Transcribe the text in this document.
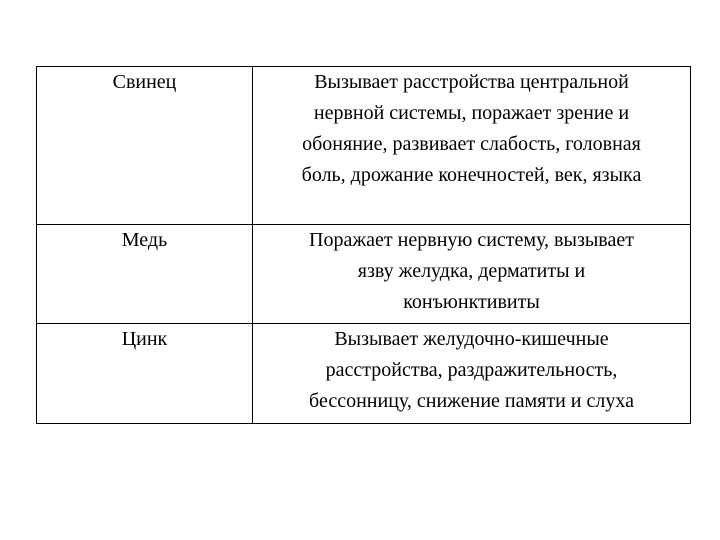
Свинец	Вызывает расстройства центральной
нервной системы, поражает зрение и
обоняние, развивает слабость, головная
боль, дрожание конечностей, век, языка

Медь	Поражает нервную систему, вызывает
язву желудка, дерматиты и
конъюнктивиты

Цинк	Вызывает желудочно-кишечные
расстройства, раздражительность,
бессонницу, снижение памяти и слуха
